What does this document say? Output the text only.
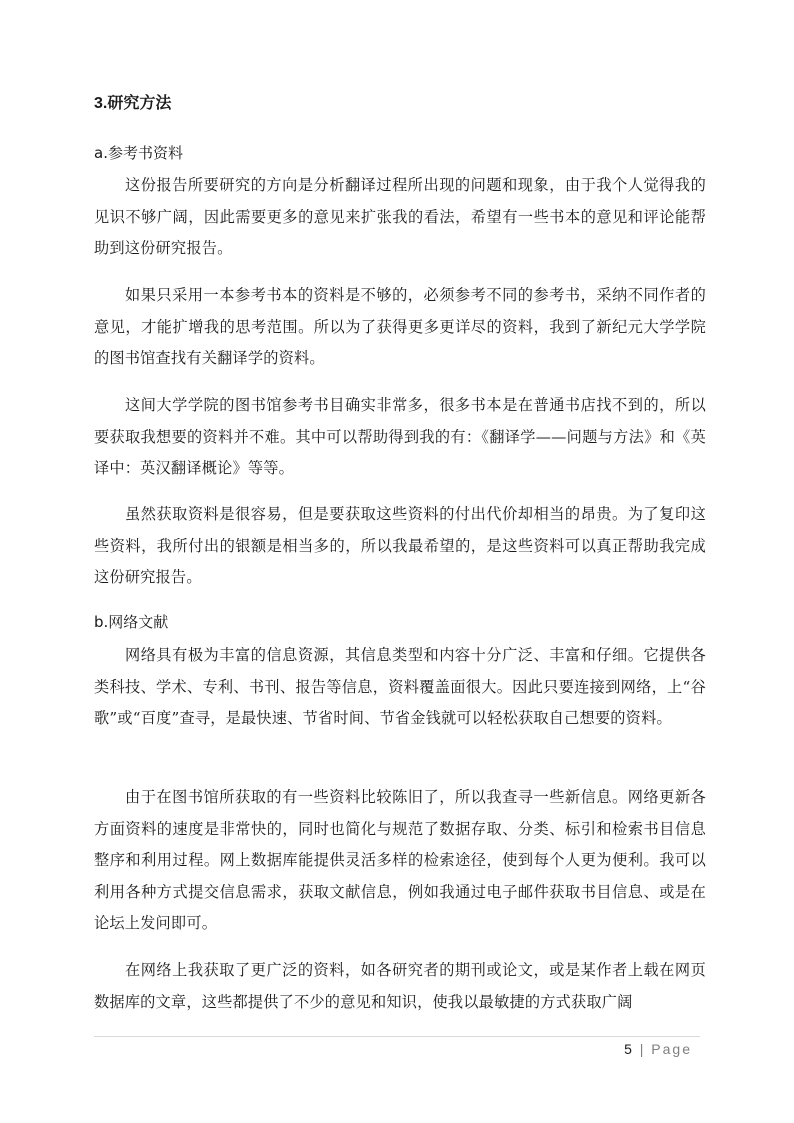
3.研究方法
a.参考书资料

这份报告所要研究的方向是分析翻译过程所出现的问题和现象，由于我个人觉得我的见识不够广阔，因此需要更多的意见来扩张我的看法，希望有一些书本的意见和评论能帮助到这份研究报告。

如果只采用一本参考书本的资料是不够的，必须参考不同的参考书，采纳不同作者的意见，才能扩增我的思考范围。所以为了获得更多更详尽的资料，我到了新纪元大学学院的图书馆查找有关翻译学的资料。

这间大学学院的图书馆参考书目确实非常多，很多书本是在普通书店找不到的，所以要获取我想要的资料并不难。其中可以帮助得到我的有：《翻译学——问题与方法》和《英译中：英汉翻译概论》等等。

虽然获取资料是很容易，但是要获取这些资料的付出代价却相当的昂贵。为了复印这些资料，我所付出的银额是相当多的，所以我最希望的，是这些资料可以真正帮助我完成这份研究报告。

b.网络文献

网络具有极为丰富的信息资源，其信息类型和内容十分广泛、丰富和仔细。它提供各类科技、学术、专利、书刊、报告等信息，资料覆盖面很大。因此只要连接到网络，上“谷歌”或“百度”查寻，是最快速、节省时间、节省金钱就可以轻松获取自己想要的资料。

由于在图书馆所获取的有一些资料比较陈旧了，所以我查寻一些新信息。网络更新各方面资料的速度是非常快的，同时也简化与规范了数据存取、分类、标引和检索书目信息整序和利用过程。网上数据库能提供灵活多样的检索途径，使到每个人更为便利。我可以利用各种方式提交信息需求，获取文献信息，例如我通过电子邮件获取书目信息、或是在论坛上发问即可。

在网络上我获取了更广泛的资料，如各研究者的期刊或论文，或是某作者上载在网页数据库的文章，这些都提供了不少的意见和知识，使我以最敏捷的方式获取广阔

5 | Page
